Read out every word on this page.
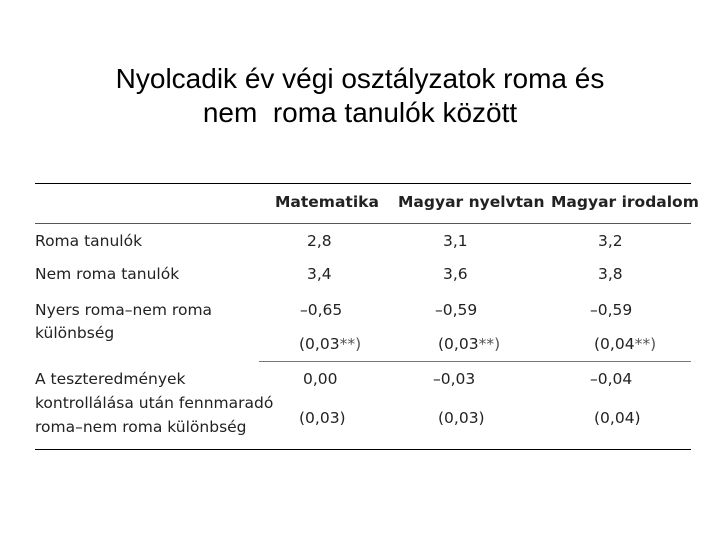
Nyolcadik év végi osztályzatok roma és
nem  roma tanulók között
Matematika Magyar nyelvtan Magyar irodalom
Roma tanulók	2,8	3,1	3,2
Nem roma tanulók	3,4	3,6	3,8
Nyers roma–nem roma
különbség
–0,65	–0,59	–0,59
(0,03**)	(0,03**)	(0,04**)
A teszteredmények
kontrollálása után fennmaradó
roma–nem roma különbség
0,00	–0,03	–0,04
(0,03)	(0,03)	(0,04)
